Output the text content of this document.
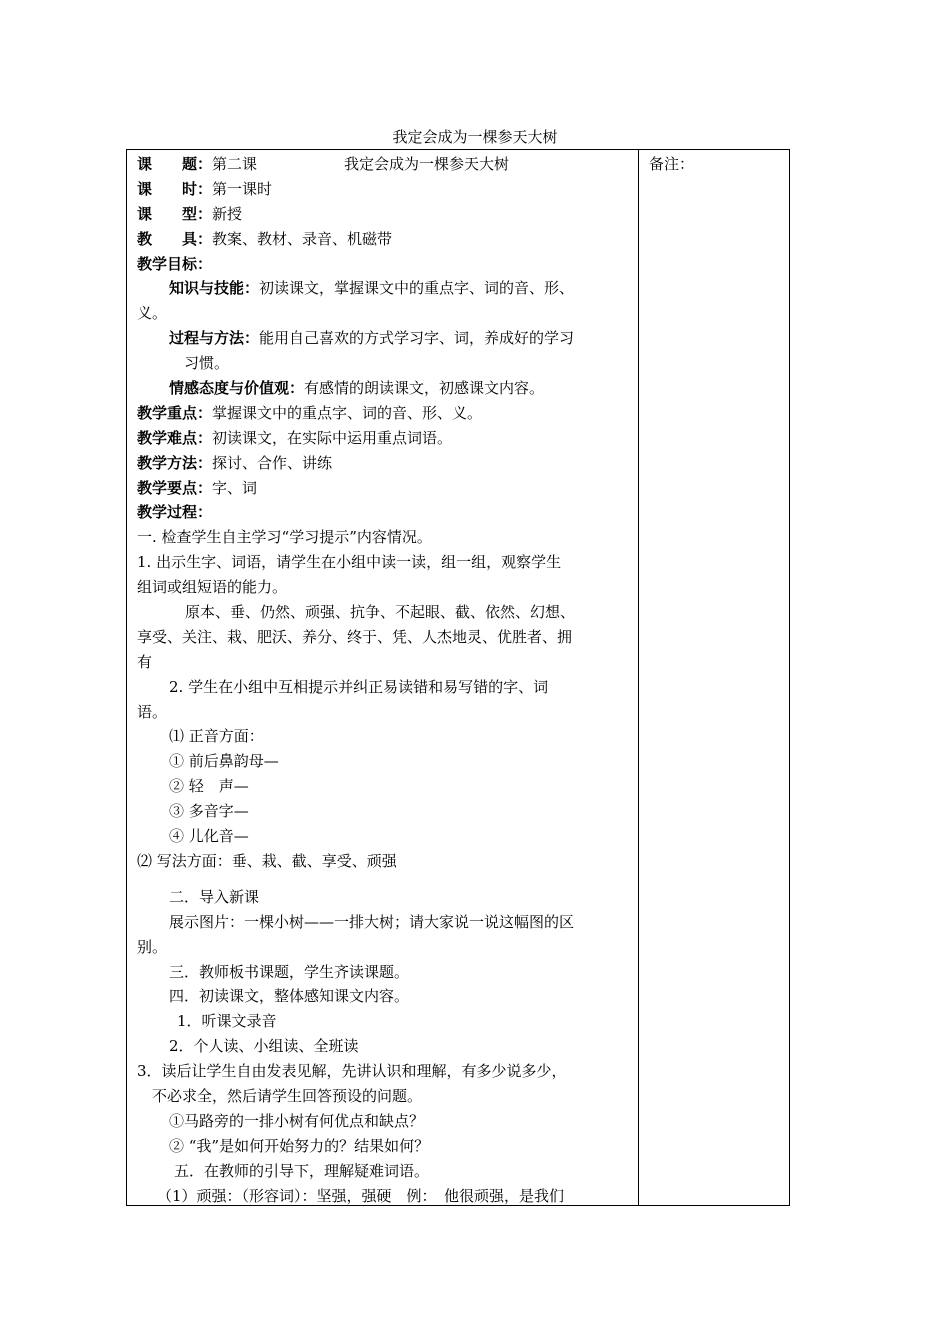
我定会成为一棵参天大树
备注：
课　　题：第二课	我定会成为一棵参天大树
课　　时：第一课时
课　　型：新授
教　　具：教案、教材、录音、机磁带
教学目标：
知识与技能：初读课文，掌握课文中的重点字、词的音、形、
义。
过程与方法：能用自己喜欢的方式学习字、词，养成好的学习
习惯。
情感态度与价值观：有感情的朗读课文，初感课文内容。
教学重点：掌握课文中的重点字、词的音、形、义。
教学难点：初读课文，在实际中运用重点词语。
教学方法：探讨、合作、讲练
教学要点：字、词
教学过程：
一. 检查学生自主学习“学习提示”内容情况。
1. 出示生字、词语，请学生在小组中读一读，组一组，观察学生
组词或组短语的能力。
原本、垂、仍然、顽强、抗争、不起眼、截、依然、幻想、
享受、关注、栽、肥沃、养分、终于、凭、人杰地灵、优胜者、拥
有
2. 学生在小组中互相提示并纠正易读错和易写错的字、词
语。
⑴ 正音方面：
① 前后鼻韵母—
② 轻　声—
③ 多音字—
④ 儿化音—
⑵ 写法方面：垂、栽、截、享受、顽强
二．导入新课
展示图片：一棵小树——一排大树；请大家说一说这幅图的区
别。
三．教师板书课题，学生齐读课题。
四．初读课文，整体感知课文内容。
1．听课文录音
2．个人读、小组读、全班读
3．读后让学生自由发表见解，先讲认识和理解，有多少说多少，
不必求全，然后请学生回答预设的问题。
①马路旁的一排小树有何优点和缺点？
② “我”是如何开始努力的？结果如何？
五．在教师的引导下，理解疑难词语。
（1）顽强：（形容词）：坚强，强硬　例：　他很顽强，是我们
